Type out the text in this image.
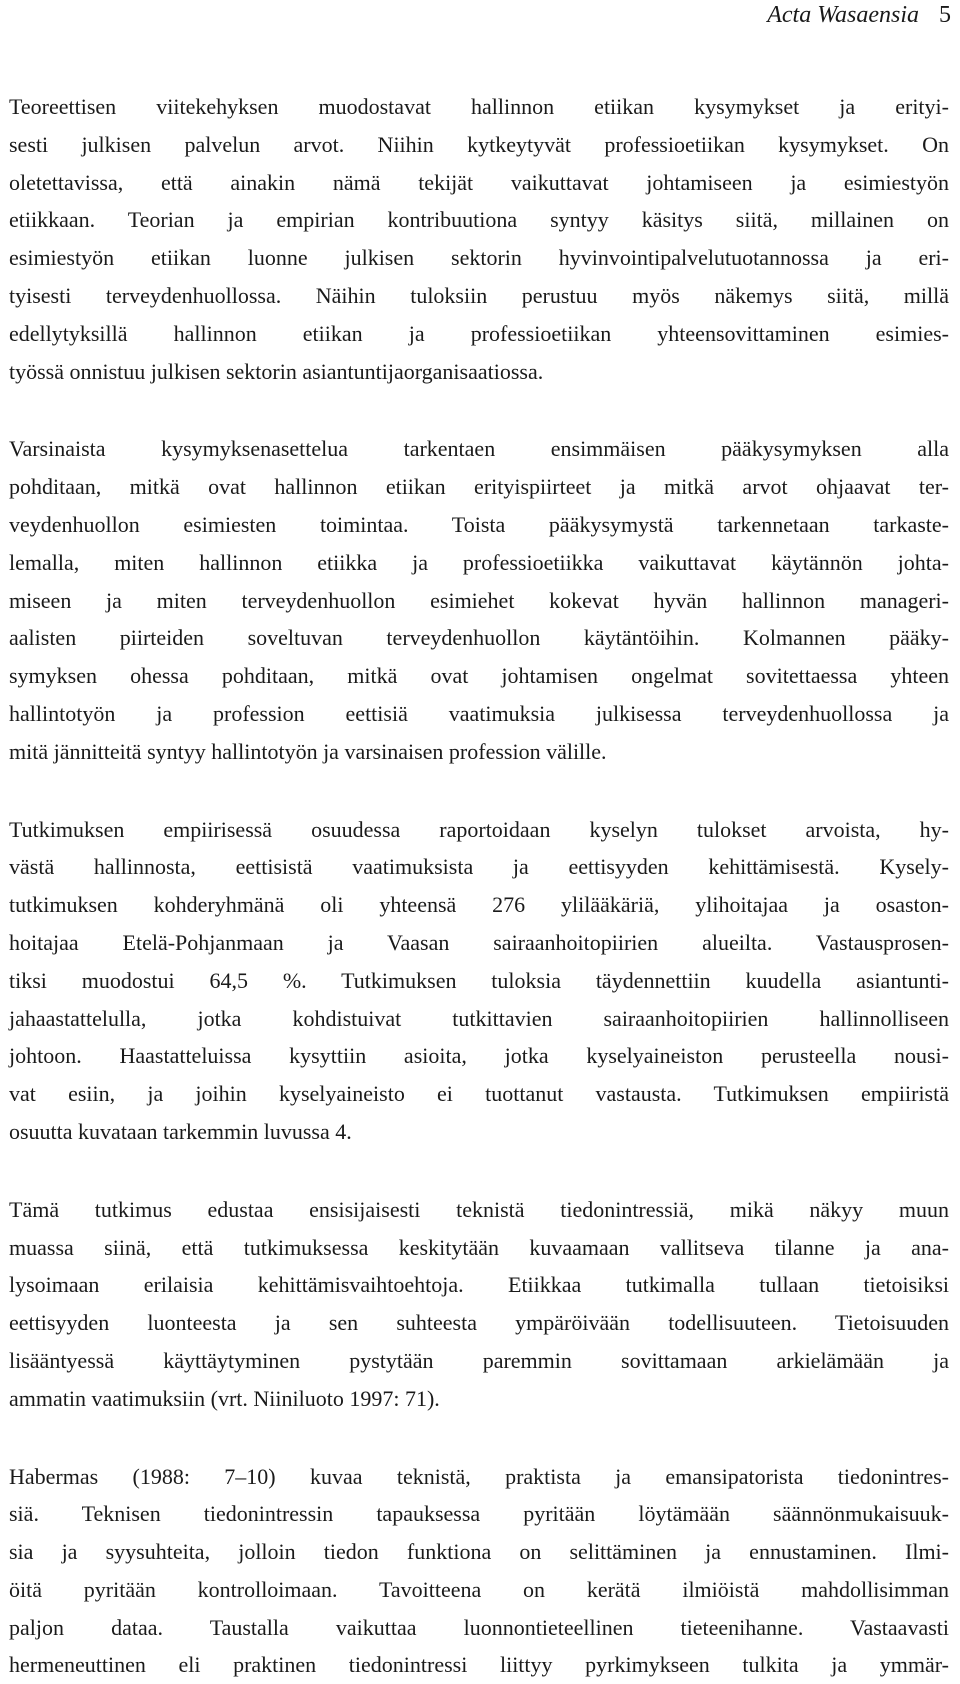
Acta Wasaensia 5

Teoreettisen viitekehyksen muodostavat hallinnon etiikan kysymykset ja erityi-
sesti julkisen palvelun arvot. Niihin kytkeytyvät professioetiikan kysymykset. On
oletettavissa, että ainakin nämä tekijät vaikuttavat johtamiseen ja esimiestyön
etiikkaan. Teorian ja empirian kontribuutiona syntyy käsitys siitä, millainen on
esimiestyön etiikan luonne julkisen sektorin hyvinvointipalvelutuotannossa ja eri-
tyisesti terveydenhuollossa. Näihin tuloksiin perustuu myös näkemys siitä, millä
edellytyksillä hallinnon etiikan ja professioetiikan yhteensovittaminen esimies-
työssä onnistuu julkisen sektorin asiantuntijaorganisaatiossa.

Varsinaista kysymyksenasettelua tarkentaen ensimmäisen pääkysymyksen alla
pohditaan, mitkä ovat hallinnon etiikan erityispiirteet ja mitkä arvot ohjaavat ter-
veydenhuollon esimiesten toimintaa. Toista pääkysymystä tarkennetaan tarkaste-
lemalla, miten hallinnon etiikka ja professioetiikka vaikuttavat käytännön johta-
miseen ja miten terveydenhuollon esimiehet kokevat hyvän hallinnon manageri-
aalisten piirteiden soveltuvan terveydenhuollon käytäntöihin. Kolmannen pääky-
symyksen ohessa pohditaan, mitkä ovat johtamisen ongelmat sovitettaessa yhteen
hallintotyön ja profession eettisiä vaatimuksia julkisessa terveydenhuollossa ja
mitä jännitteitä syntyy hallintotyön ja varsinaisen profession välille.

Tutkimuksen empiirisessä osuudessa raportoidaan kyselyn tulokset arvoista, hy-
västä hallinnosta, eettisistä vaatimuksista ja eettisyyden kehittämisestä. Kysely-
tutkimuksen kohderyhmänä oli yhteensä 276 ylilääkäriä, ylihoitajaa ja osaston-
hoitajaa Etelä-Pohjanmaan ja Vaasan sairaanhoitopiirien alueilta. Vastausprosen-
tiksi muodostui 64,5 %. Tutkimuksen tuloksia täydennettiin kuudella asiantunti-
jahaastattelulla, jotka kohdistuivat tutkittavien sairaanhoitopiirien hallinnolliseen
johtoon. Haastatteluissa kysyttiin asioita, jotka kyselyaineiston perusteella nousi-
vat esiin, ja joihin kyselyaineisto ei tuottanut vastausta. Tutkimuksen empiiristä
osuutta kuvataan tarkemmin luvussa 4.

Tämä tutkimus edustaa ensisijaisesti teknistä tiedonintressiä, mikä näkyy muun
muassa siinä, että tutkimuksessa keskitytään kuvaamaan vallitseva tilanne ja ana-
lysoimaan erilaisia kehittämisvaihtoehtoja. Etiikkaa tutkimalla tullaan tietoisiksi
eettisyyden luonteesta ja sen suhteesta ympäröivään todellisuuteen. Tietoisuuden
lisääntyessä käyttäytyminen pystytään paremmin sovittamaan arkielämään ja
ammatin vaatimuksiin (vrt. Niiniluoto 1997: 71).

Habermas (1988: 7–10) kuvaa teknistä, praktista ja emansipatorista tiedonintres-
siä. Teknisen tiedonintressin tapauksessa pyritään löytämään säännönmukaisuuk-
sia ja syysuhteita, jolloin tiedon funktiona on selittäminen ja ennustaminen. Ilmi-
öitä pyritään kontrolloimaan. Tavoitteena on kerätä ilmiöistä mahdollisimman
paljon dataa. Taustalla vaikuttaa luonnontieteellinen tieteenihanne. Vastaavasti
hermeneuttinen eli praktinen tiedonintressi liittyy pyrkimykseen tulkita ja ymmär-
